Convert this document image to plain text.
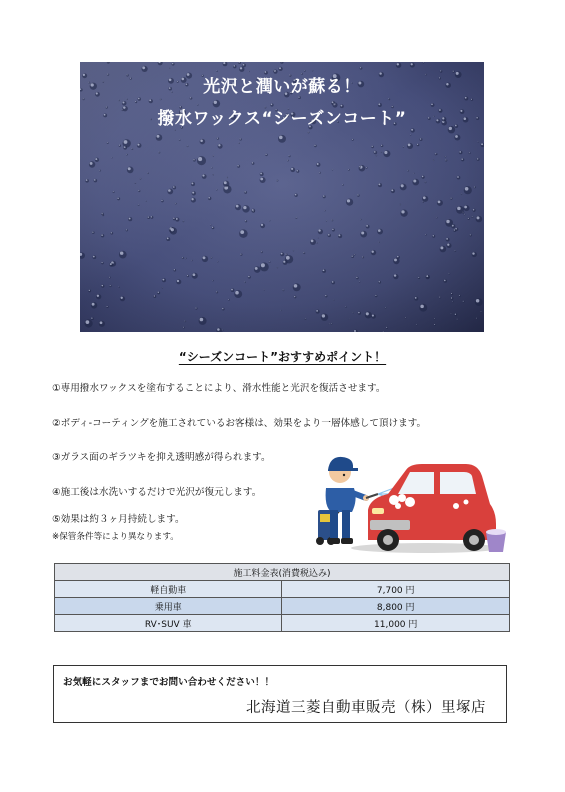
光沢と潤いが蘇る！
撥水ワックス“シーズンコート”
“シーズンコート”おすすめポイント！
①専用撥水ワックスを塗布することにより、滑水性能と光沢を復活させます。
②ボディ-コーティングを施工されているお客様は、効果をより一層体感して頂けます。
③ガラス面のギラツキを抑え透明感が得られます。
④施工後は水洗いするだけで光沢が復元します。
⑤効果は約３ヶ月持続します。
※保管条件等により異なります。
施工料金表(消費税込み)	
軽自動車	7,700 円
乗用車	8,800 円
RV･SUV 車	11,000 円
お気軽にスタッフまでお問い合わせください！！
北海道三菱自動車販売（株）里塚店
